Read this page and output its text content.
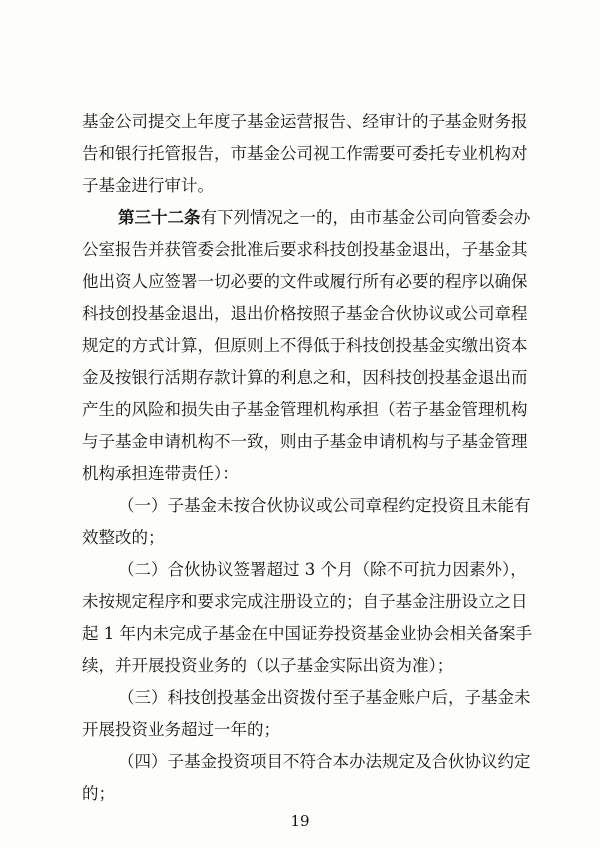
基金公司提交上年度子基金运营报告、经审计的子基金财务报
告和银行托管报告，市基金公司视工作需要可委托专业机构对
子基金进行审计。
第三十二条有下列情况之一的，由市基金公司向管委会办
公室报告并获管委会批准后要求科技创投基金退出，子基金其
他出资人应签署一切必要的文件或履行所有必要的程序以确保
科技创投基金退出，退出价格按照子基金合伙协议或公司章程
规定的方式计算，但原则上不得低于科技创投基金实缴出资本
金及按银行活期存款计算的利息之和，因科技创投基金退出而
产生的风险和损失由子基金管理机构承担（若子基金管理机构
与子基金申请机构不一致，则由子基金申请机构与子基金管理
机构承担连带责任）：
（一）子基金未按合伙协议或公司章程约定投资且未能有
效整改的；
（二）合伙协议签署超过 3 个月（除不可抗力因素外），
未按规定程序和要求完成注册设立的；自子基金注册设立之日
起 1 年内未完成子基金在中国证券投资基金业协会相关备案手
续，并开展投资业务的（以子基金实际出资为准）；
（三）科技创投基金出资拨付至子基金账户后，子基金未
开展投资业务超过一年的；
（四）子基金投资项目不符合本办法规定及合伙协议约定
的；
19
